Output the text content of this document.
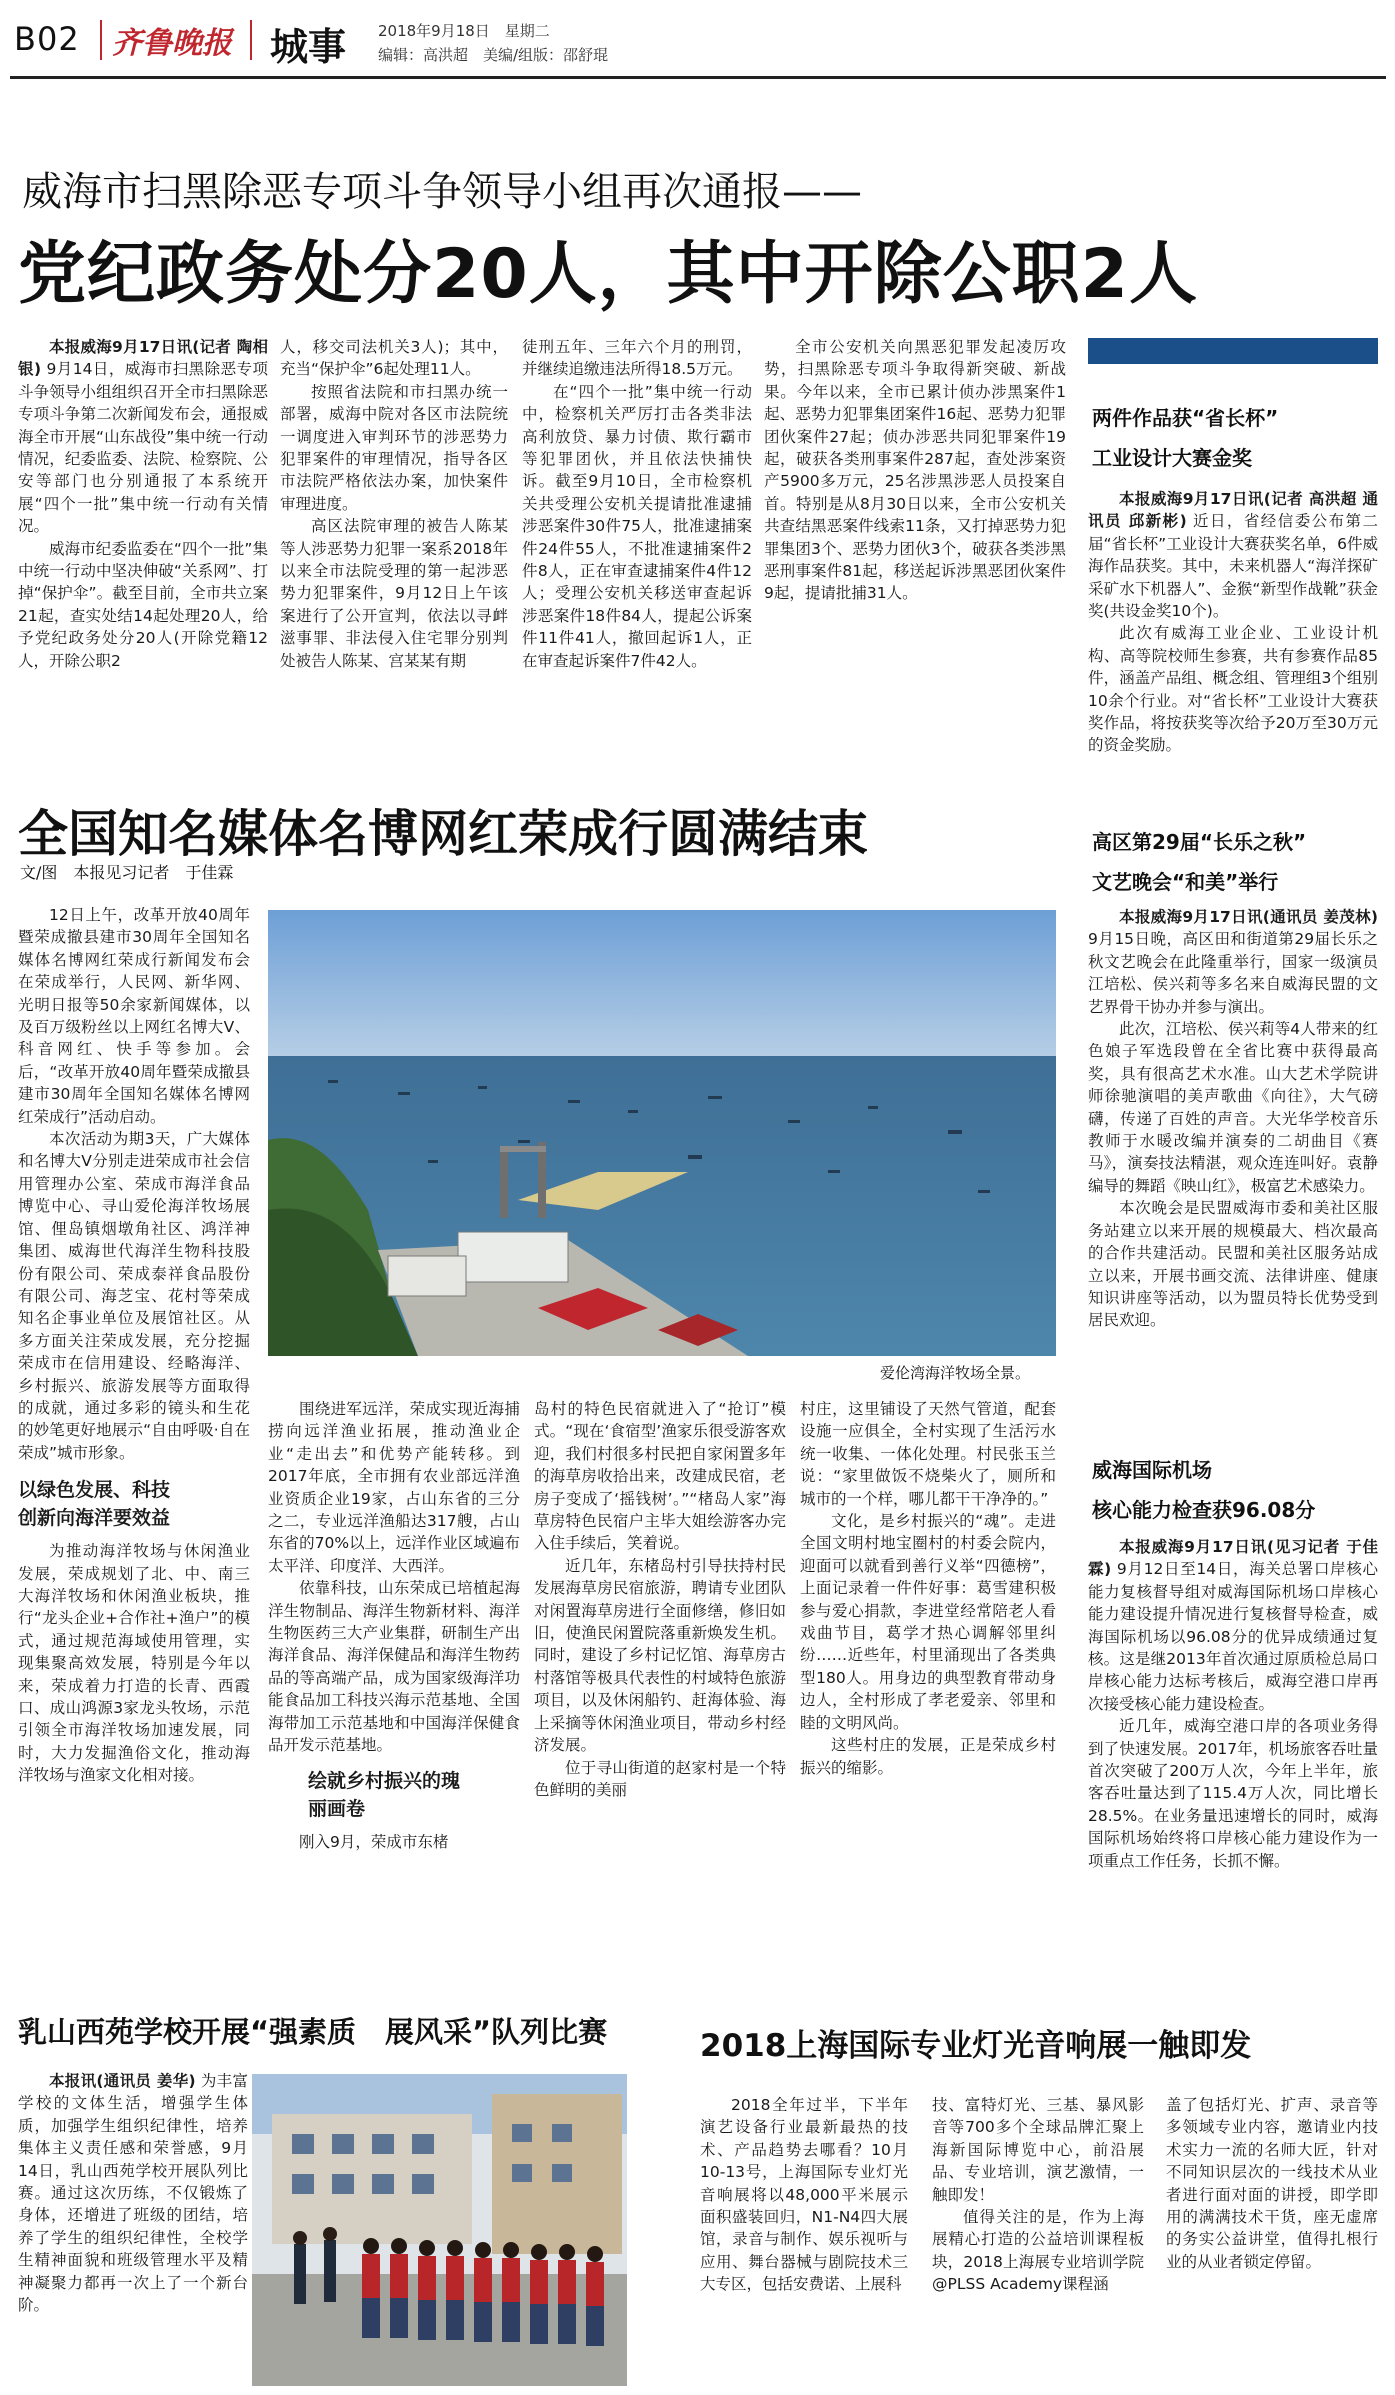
B02 齐鲁晚报 城事 2018年9月18日　星期二
编辑：高洪超　美编/组版：邵舒琨
威海市扫黑除恶专项斗争领导小组再次通报——
党纪政务处分20人，其中开除公职2人

本报威海9月17日讯(记者 陶相银) 9月14日，威海市扫黑除恶专项斗争领导小组组织召开全市扫黑除恶专项斗争第二次新闻发布会，通报威海全市开展“山东战役”集中统一行动情况，纪委监委、法院、检察院、公安等部门也分别通报了本系统开展“四个一批”集中统一行动有关情况。

威海市纪委监委在“四个一批”集中统一行动中坚决伸破“关系网”、打掉“保护伞”。截至目前，全市共立案21起，查实处结14起处理20人，给予党纪政务处分20人(开除党籍12人，开除公职2

人，移交司法机关3人)；其中，充当“保护伞”6起处理11人。

按照省法院和市扫黑办统一部署，威海中院对各区市法院统一调度进入审判环节的涉恶势力犯罪案件的审理情况，指导各区市法院严格依法办案，加快案件审理进度。

高区法院审理的被告人陈某等人涉恶势力犯罪一案系2018年以来全市法院受理的第一起涉恶势力犯罪案件，9月12日上午该案进行了公开宣判，依法以寻衅滋事罪、非法侵入住宅罪分别判处被告人陈某、宫某某有期

徒刑五年、三年六个月的刑罚，并继续追缴违法所得18.5万元。

在“四个一批”集中统一行动中，检察机关严厉打击各类非法高利放贷、暴力讨债、欺行霸市等犯罪团伙，并且依法快捕快诉。截至9月10日，全市检察机关共受理公安机关提请批准逮捕涉恶案件30件75人，批准逮捕案件24件55人，不批准逮捕案件2件8人，正在审查逮捕案件4件12人；受理公安机关移送审查起诉涉恶案件18件84人，提起公诉案件11件41人，撤回起诉1人，正在审查起诉案件7件42人。

全市公安机关向黑恶犯罪发起凌厉攻势，扫黑除恶专项斗争取得新突破、新战果。今年以来，全市已累计侦办涉黑案件1起、恶势力犯罪集团案件16起、恶势力犯罪团伙案件27起；侦办涉恶共同犯罪案件19起，破获各类刑事案件287起，查处涉案资产5900多万元，25名涉黑涉恶人员投案自首。特别是从8月30日以来，全市公安机关共查结黑恶案件线索11条，又打掉恶势力犯罪集团3个、恶势力团伙3个，破获各类涉黑恶刑事案件81起，移送起诉涉黑恶团伙案件9起，提请批捕31人。

两件作品获“省长杯”
工业设计大赛金奖

本报威海9月17日讯(记者 高洪超 通讯员 邱新彬) 近日，省经信委公布第二届“省长杯”工业设计大赛获奖名单，6件威海作品获奖。其中，未来机器人“海洋探矿采矿水下机器人”、金猴“新型作战靴”获金奖(共设金奖10个)。

此次有威海工业企业、工业设计机构、高等院校师生参赛，共有参赛作品85件，涵盖产品组、概念组、管理组3个组别10余个行业。对“省长杯”工业设计大赛获奖作品，将按获奖等次给予20万至30万元的资金奖励。

高区第29届“长乐之秋”
文艺晚会“和美”举行

本报威海9月17日讯(通讯员 姜茂林) 9月15日晚，高区田和街道第29届长乐之秋文艺晚会在此隆重举行，国家一级演员江培松、侯兴莉等多名来自威海民盟的文艺界骨干协办并参与演出。

此次，江培松、侯兴莉等4人带来的红色娘子军选段曾在全省比赛中获得最高奖，具有很高艺术水准。山大艺术学院讲师徐驰演唱的美声歌曲《向往》，大气磅礴，传递了百姓的声音。大光华学校音乐教师于水暖改编并演奏的二胡曲目《赛马》，演奏技法精湛，观众连连叫好。袁静编导的舞蹈《映山红》，极富艺术感染力。

本次晚会是民盟威海市委和美社区服务站建立以来开展的规模最大、档次最高的合作共建活动。民盟和美社区服务站成立以来，开展书画交流、法律讲座、健康知识讲座等活动，以为盟员特长优势受到居民欢迎。

威海国际机场
核心能力检查获96.08分

本报威海9月17日讯(见习记者 于佳霖) 9月12日至14日，海关总署口岸核心能力复核督导组对威海国际机场口岸核心能力建设提升情况进行复核督导检查，威海国际机场以96.08分的优异成绩通过复核。这是继2013年首次通过原质检总局口岸核心能力达标考核后，威海空港口岸再次接受核心能力建设检查。

近几年，威海空港口岸的各项业务得到了快速发展。2017年，机场旅客吞吐量首次突破了200万人次，今年上半年，旅客吞吐量达到了115.4万人次，同比增长28.5%。在业务量迅速增长的同时，威海国际机场始终将口岸核心能力建设作为一项重点工作任务，长抓不懈。

全国知名媒体名博网红荣成行圆满结束
文/图　本报见习记者　于佳霖

12日上午，改革开放40周年暨荣成撤县建市30周年全国知名媒体名博网红荣成行新闻发布会在荣成举行，人民网、新华网、光明日报等50余家新闻媒体，以及百万级粉丝以上网红名博大V、科音网红、快手等参加。会后，“改革开放40周年暨荣成撤县建市30周年全国知名媒体名博网红荣成行”活动启动。

本次活动为期3天，广大媒体和名博大V分别走进荣成市社会信用管理办公室、荣成市海洋食品博览中心、寻山爱伦海洋牧场展馆、俚岛镇烟墩角社区、鸿洋神集团、威海世代海洋生物科技股份有限公司、荣成泰祥食品股份有限公司、海芝宝、花村等荣成知名企事业单位及展馆社区。从多方面关注荣成发展，充分挖掘荣成市在信用建设、经略海洋、乡村振兴、旅游发展等方面取得的成就，通过多彩的镜头和生花的妙笔更好地展示“自由呼吸·自在荣成”城市形象。

以绿色发展、科技
创新向海洋要效益

为推动海洋牧场与休闲渔业发展，荣成规划了北、中、南三大海洋牧场和休闲渔业板块，推行“龙头企业+合作社+渔户”的模式，通过规范海域使用管理，实现集聚高效发展，特别是今年以来，荣成着力打造的长青、西霞口、成山鸿源3家龙头牧场，示范引领全市海洋牧场加速发展，同时，大力发掘渔俗文化，推动海洋牧场与渔家文化相对接。

爱伦湾海洋牧场全景。

围绕进军远洋，荣成实现近海捕捞向远洋渔业拓展，推动渔业企业“走出去”和优势产能转移。到2017年底，全市拥有农业部远洋渔业资质企业19家，占山东省的三分之二，专业远洋渔船达317艘，占山东省的70%以上，远洋作业区域遍布太平洋、印度洋、大西洋。

依靠科技，山东荣成已培植起海洋生物制品、海洋生物新材料、海洋生物医药三大产业集群，研制生产出海洋食品、海洋保健品和海洋生物药品的等高端产品，成为国家级海洋功能食品加工科技兴海示范基地、全国海带加工示范基地和中国海洋保健食品开发示范基地。

绘就乡村振兴的瑰
丽画卷

刚入9月，荣成市东楮

岛村的特色民宿就进入了“抢订”模式。“现在‘食宿型’渔家乐很受游客欢迎，我们村很多村民把自家闲置多年的海草房收拾出来，改建成民宿，老房子变成了‘摇钱树’。”“楮岛人家”海草房特色民宿户主毕大姐绘游客办完入住手续后，笑着说。

近几年，东楮岛村引导扶持村民发展海草房民宿旅游，聘请专业团队对闲置海草房进行全面修缮，修旧如旧，使渔民闲置院落重新焕发生机。同时，建设了乡村记忆馆、海草房古村落馆等极具代表性的村域特色旅游项目，以及休闲船钓、赶海体验、海上采摘等休闲渔业项目，带动乡村经济发展。

位于寻山街道的赵家村是一个特色鲜明的美丽

村庄，这里铺设了天然气管道，配套设施一应俱全，全村实现了生活污水统一收集、一体化处理。村民张玉兰说：“家里做饭不烧柴火了，厕所和城市的一个样，哪儿都干干净净的。”

文化，是乡村振兴的“魂”。走进全国文明村地宝圈村的村委会院内，迎面可以就看到善行义举“四德榜”，上面记录着一件件好事：葛雪建积极参与爱心捐款，李进堂经常陪老人看戏曲节目，葛学才热心调解邻里纠纷……近些年，村里涌现出了各类典型180人。用身边的典型教育带动身边人，全村形成了孝老爱亲、邻里和睦的文明风尚。

这些村庄的发展，正是荣成乡村振兴的缩影。

乳山西苑学校开展“强素质　展风采”队列比赛

本报讯(通讯员 姜华) 为丰富学校的文体生活，增强学生体质，加强学生组织纪律性，培养集体主义责任感和荣誉感，9月14日，乳山西苑学校开展队列比赛。通过这次历练，不仅锻炼了身体，还增进了班级的团结，培养了学生的组织纪律性，全校学生精神面貌和班级管理水平及精神凝聚力都再一次上了一个新台阶。

2018上海国际专业灯光音响展一触即发

2018全年过半，下半年演艺设备行业最新最热的技术、产品趋势去哪看？10月10-13号，上海国际专业灯光音响展将以48,000平米展示面积盛装回归，N1-N4四大展馆，录音与制作、娱乐视听与应用、舞台器械与剧院技术三大专区，包括安费诺、上展科

技、富特灯光、三基、暴风影音等700多个全球品牌汇聚上海新国际博览中心，前沿展品、专业培训，演艺激情，一触即发！

值得关注的是，作为上海展精心打造的公益培训课程板块，2018上海展专业培训学院@PLSS Academy课程涵

盖了包括灯光、扩声、录音等多领域专业内容，邀请业内技术实力一流的名师大匠，针对不同知识层次的一线技术从业者进行面对面的讲授，即学即用的满满技术干货，座无虚席的务实公益讲堂，值得扎根行业的从业者锁定停留。
